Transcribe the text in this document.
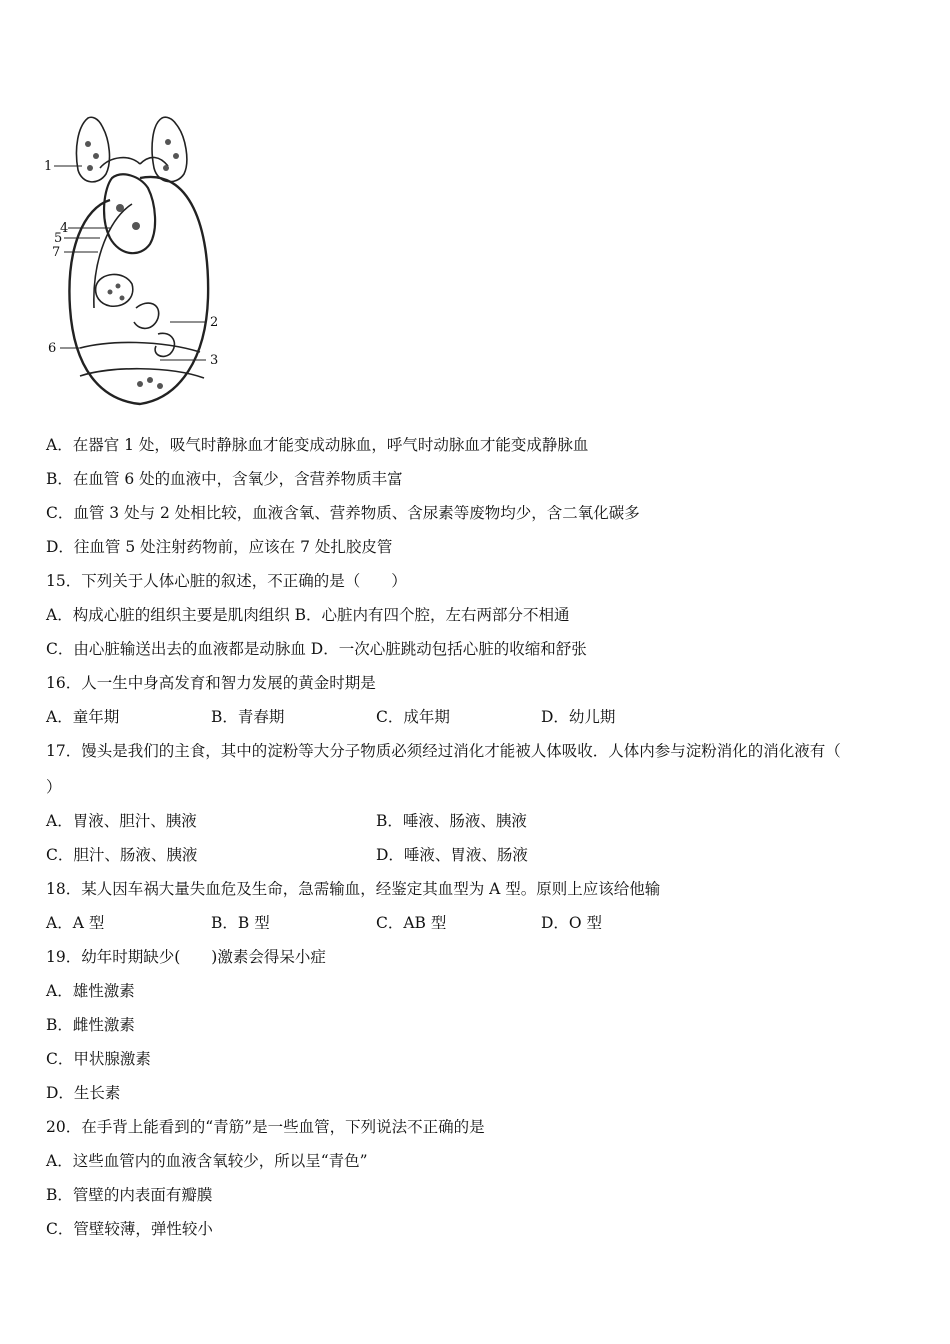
1
2
3
4
5
6
7
A．在器官 1 处，吸气时静脉血才能变成动脉血，呼气时动脉血才能变成静脉血
B．在血管 6 处的血液中，含氧少，含营养物质丰富
C．血管 3 处与 2 处相比较，血液含氧、营养物质、含尿素等废物均少，含二氧化碳多
D．往血管 5 处注射药物前，应该在 7 处扎胶皮管
15．下列关于人体心脏的叙述，不正确的是（　　）
A．构成心脏的组织主要是肌肉组织 B．心脏内有四个腔，左右两部分不相通
C．由心脏输送出去的血液都是动脉血 D．一次心脏跳动包括心脏的收缩和舒张
16．人一生中身高发育和智力发展的黄金时期是
A．童年期	B．青春期	C．成年期	D．幼儿期
17．馒头是我们的主食，其中的淀粉等大分子物质必须经过消化才能被人体吸收．人体内参与淀粉消化的消化液有（
）
A．胃液、胆汁、胰液	B．唾液、肠液、胰液
C．胆汁、肠液、胰液	D．唾液、胃液、肠液
18．某人因车祸大量失血危及生命，急需输血，经鉴定其血型为 A 型。原则上应该给他输
A．A 型	B．B 型	C．AB 型	D．O 型
19．幼年时期缺少(　　)激素会得呆小症
A．雄性激素
B．雌性激素
C．甲状腺激素
D．生长素
20．在手背上能看到的“青筋”是一些血管，下列说法不正确的是
A．这些血管内的血液含氧较少，所以呈“青色”
B．管壁的内表面有瓣膜
C．管壁较薄，弹性较小
